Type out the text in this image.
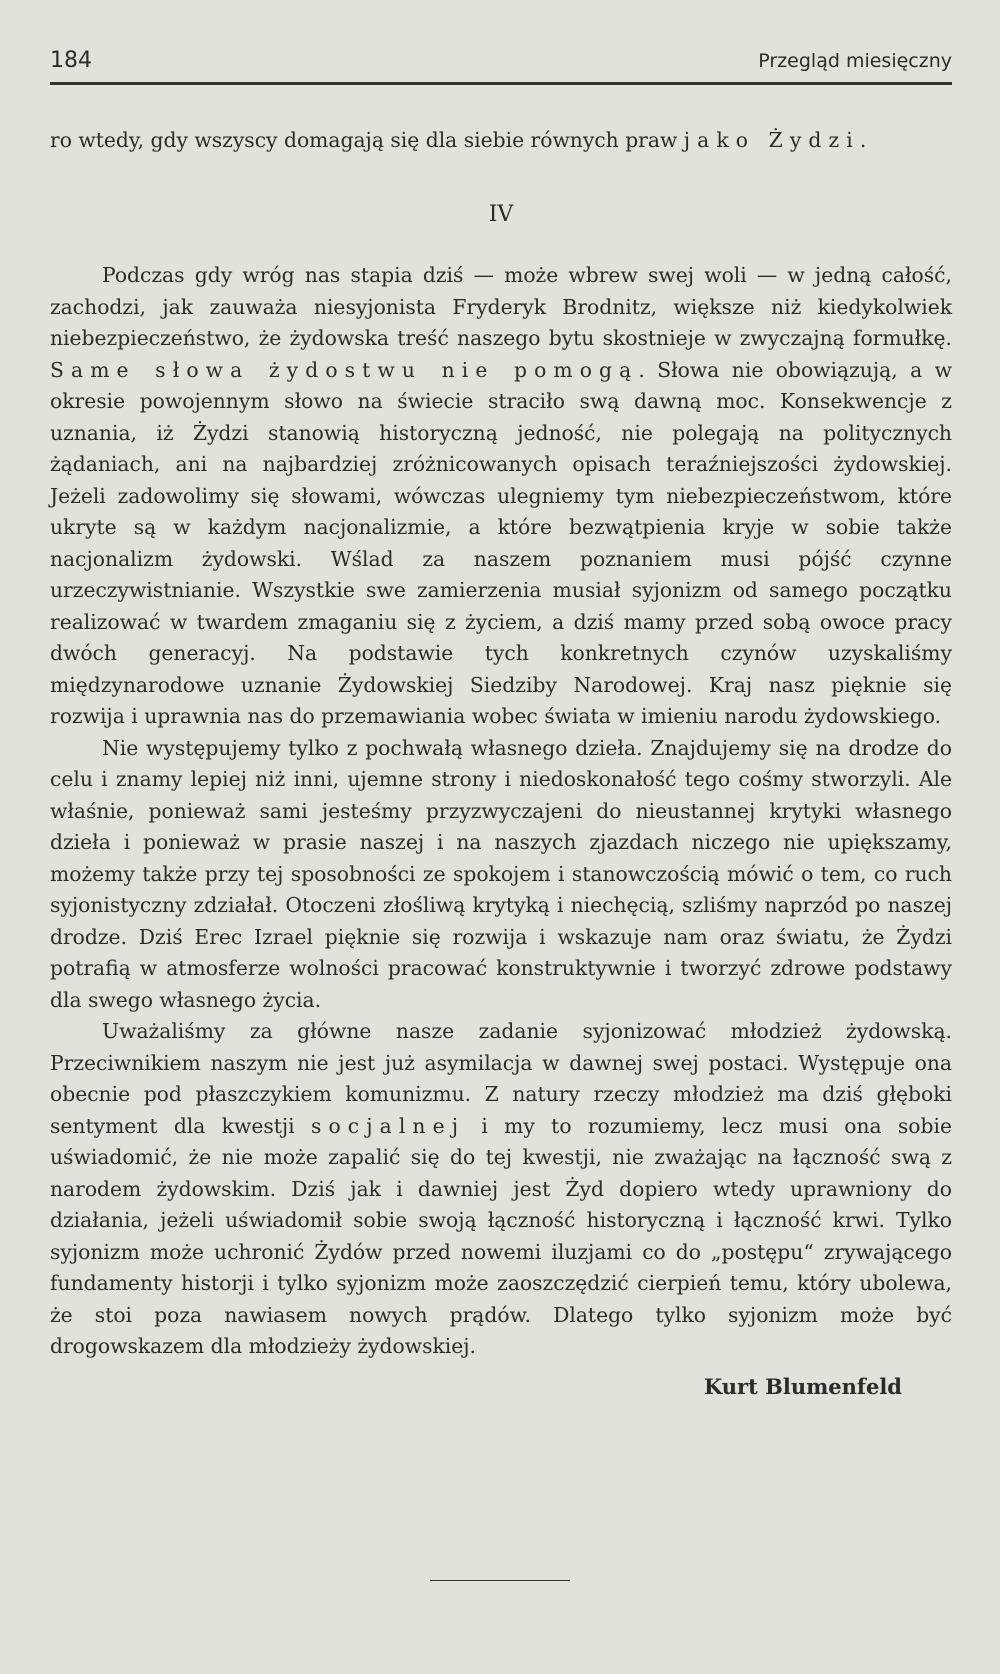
184	Przegląd miesięczny

ro wtedy, gdy wszyscy domagają się dla siebie równych praw jako Żydzi.

IV

Podczas gdy wróg nas stapia dziś — może wbrew swej woli — w jedną całość, zachodzi, jak zauważa niesyjonista Fryderyk Brodnitz, większe niż kiedykolwiek niebezpieczeństwo, że żydowska treść naszego bytu skostnieje w zwyczajną formułkę. Same słowa żydostwu nie pomogą. Słowa nie obowiązują, a w okresie powojennym słowo na świecie straciło swą dawną moc. Konsekwencje z uznania, iż Żydzi stanowią historyczną jedność, nie polegają na politycznych żądaniach, ani na najbardziej zróżnicowanych opisach teraźniejszości żydowskiej. Jeżeli zadowolimy się słowami, wówczas ulegniemy tym niebezpieczeństwom, które ukryte są w każdym nacjonalizmie, a które bezwątpienia kryje w sobie także nacjonalizm żydowski. Wślad za naszem poznaniem musi pójść czynne urzeczywistnianie. Wszystkie swe zamierzenia musiał syjonizm od samego początku realizować w twardem zmaganiu się z życiem, a dziś mamy przed sobą owoce pracy dwóch generacyj. Na podstawie tych konkretnych czynów uzyskaliśmy międzynarodowe uznanie Żydowskiej Siedziby Narodowej. Kraj nasz pięknie się rozwija i uprawnia nas do przemawiania wobec świata w imieniu narodu żydowskiego.

Nie występujemy tylko z pochwałą własnego dzieła. Znajdujemy się na drodze do celu i znamy lepiej niż inni, ujemne strony i niedoskonałość tego cośmy stworzyli. Ale właśnie, ponieważ sami jesteśmy przyzwyczajeni do nieustannej krytyki własnego dzieła i ponieważ w prasie naszej i na naszych zjazdach niczego nie upiększamy, możemy także przy tej sposobności ze spokojem i stanowczością mówić o tem, co ruch syjonistyczny zdziałał. Otoczeni złośliwą krytyką i niechęcią, szliśmy naprzód po naszej drodze. Dziś Erec Izrael pięknie się rozwija i wskazuje nam oraz światu, że Żydzi potrafią w atmosferze wolności pracować konstruktywnie i tworzyć zdrowe podstawy dla swego własnego życia.

Uważaliśmy za główne nasze zadanie syjonizować młodzież żydowską. Przeciwnikiem naszym nie jest już asymilacja w dawnej swej postaci. Występuje ona obecnie pod płaszczykiem komunizmu. Z natury rzeczy młodzież ma dziś głęboki sentyment dla kwestji socjalnej i my to rozumiemy, lecz musi ona sobie uświadomić, że nie może zapalić się do tej kwestji, nie zważając na łączność swą z narodem żydowskim. Dziś jak i dawniej jest Żyd dopiero wtedy uprawniony do działania, jeżeli uświadomił sobie swoją łączność historyczną i łączność krwi. Tylko syjonizm może uchronić Żydów przed nowemi iluzjami co do „postępu“ zrywającego fundamenty historji i tylko syjonizm może zaoszczędzić cierpień temu, który ubolewa, że stoi poza nawiasem nowych prądów. Dlatego tylko syjonizm może być drogowskazem dla młodzieży żydowskiej.

Kurt Blumenfeld
